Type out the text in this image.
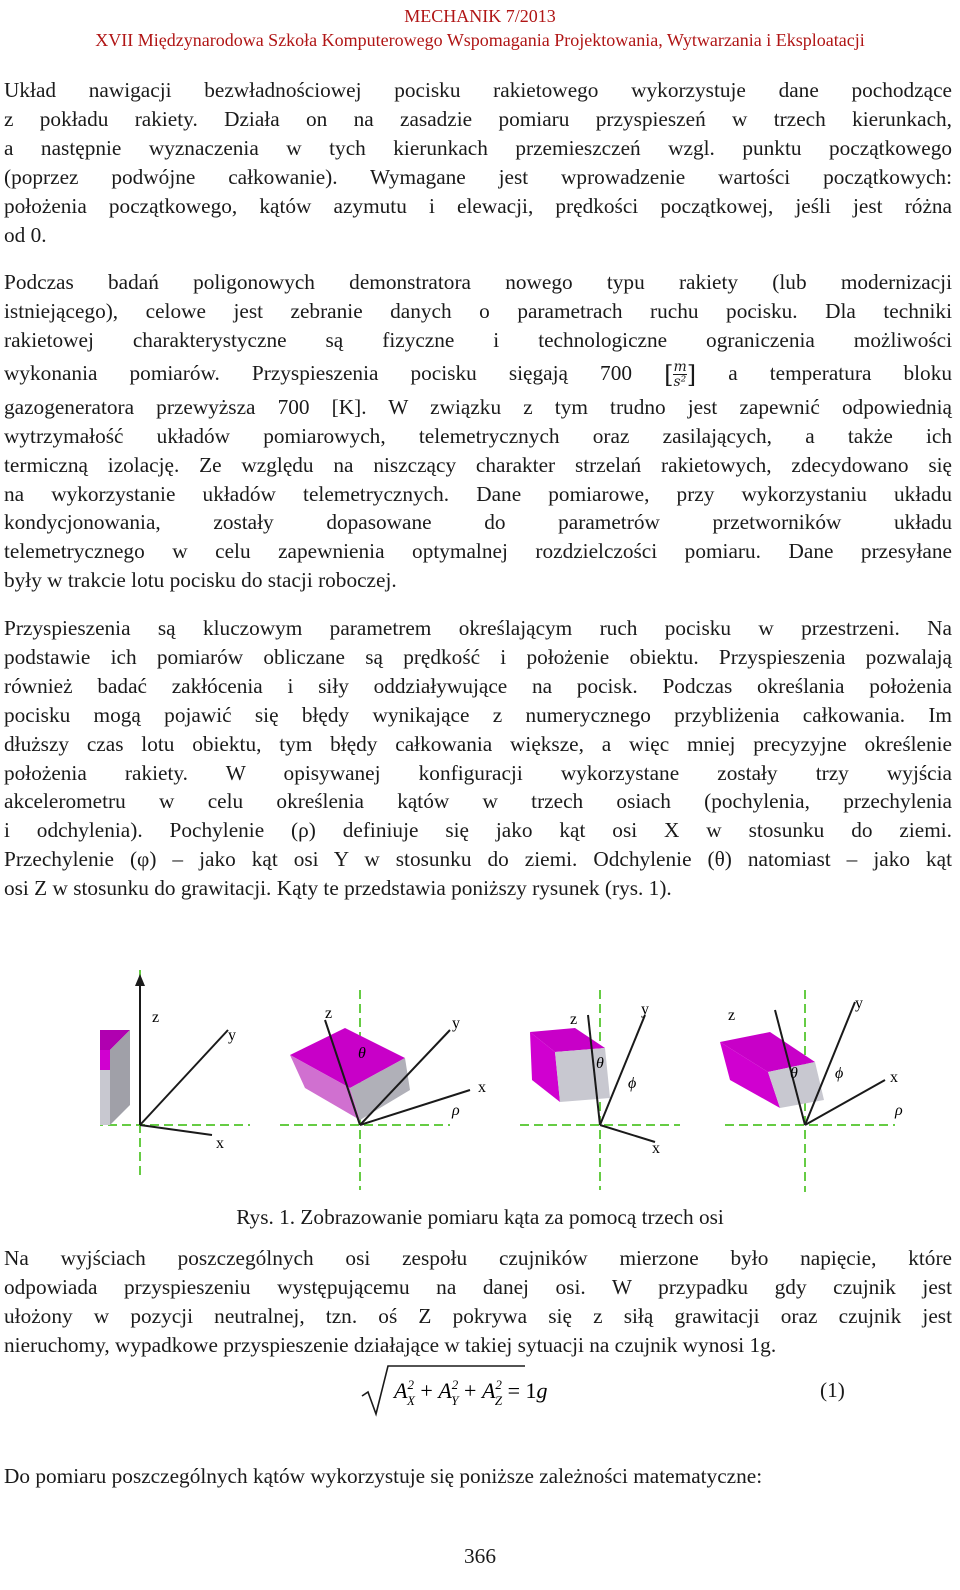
MECHANIK 7/2013
XVII Międzynarodowa Szkoła Komputerowego Wspomagania Projektowania, Wytwarzania i Eksploatacji

Układ nawigacji bezwładnościowej pocisku rakietowego wykorzystuje dane pochodzące
z pokładu rakiety. Działa on na zasadzie pomiaru przyspieszeń w trzech kierunkach,
a następnie wyznaczenia w tych kierunkach przemieszczeń wzgl. punktu początkowego
(poprzez podwójne całkowanie). Wymagane jest wprowadzenie wartości początkowych:
położenia początkowego, kątów azymutu i elewacji, prędkości początkowej, jeśli jest różna
od 0.

Podczas badań poligonowych demonstratora nowego typu rakiety (lub modernizacji
istniejącego), celowe jest zebranie danych o parametrach ruchu pocisku. Dla techniki
rakietowej charakterystyczne są fizyczne i technologiczne ograniczenia możliwości
wykonania pomiarów. Przyspieszenia pocisku sięgają 700 [ $\frac{m}{\text{s²}}$ ] a temperatura bloku
gazogeneratora przewyższa 700 [K]. W związku z tym trudno jest zapewnić odpowiednią
wytrzymałość układów pomiarowych, telemetrycznych oraz zasilających, a także ich
termiczną izolację. Ze względu na niszczący charakter strzelań rakietowych, zdecydowano się
na wykorzystanie układów telemetrycznych. Dane pomiarowe, przy wykorzystaniu układu
kondycjonowania, zostały dopasowane do parametrów przetworników układu
telemetrycznego w celu zapewnienia optymalnej rozdzielczości pomiaru. Dane przesyłane
były w trakcie lotu pocisku do stacji roboczej.

Przyspieszenia są kluczowym parametrem określającym ruch pocisku w przestrzeni. Na
podstawie ich pomiarów obliczane są prędkość i położenie obiektu. Przyspieszenia pozwalają
również badać zakłócenia i siły oddziaływujące na pocisk. Podczas określania położenia
pocisku mogą pojawić się błędy wynikające z numerycznego przybliżenia całkowania. Im
dłuższy czas lotu obiektu, tym błędy całkowania większe, a więc mniej precyzyjne określenie
położenia rakiety. W opisywanej konfiguracji wykorzystane zostały trzy wyjścia
akcelerometru w celu określenia kątów w trzech osiach (pochylenia, przechylenia
i odchylenia). Pochylenie (ρ) definiuje się jako kąt osi X w stosunku do ziemi.
Przechylenie (φ) – jako kąt osi Y w stosunku do ziemi. Odchylenie (θ) natomiast – jako kąt
osi Z w stosunku do grawitacji. Kąty te przedstawia poniższy rysunek (rys. 1).

z
y
x
z
y
x
θ
ρ
z
y
x
θ
ϕ
z
y
x
θ ϕ
ρ
Rys. 1. Zobrazowanie pomiaru kąta za pomocą trzech osi

Na wyjściach poszczególnych osi zespołu czujników mierzone było napięcie, które
odpowiada przyspieszeniu występującemu na danej osi. W przypadku gdy czujnik jest
ułożony w pozycji neutralnej, tzn. oś Z pokrywa się z siłą grawitacji oraz czujnik jest
nieruchomy, wypadkowe przyspieszenie działające w takiej sytuacji na czujnik wynosi 1g.

$A^2$ $X + A^2$ $Y + A^2$ Z = 1g	(1)

Do pomiaru poszczególnych kątów wykorzystuje się poniższe zależności matematyczne:

366
